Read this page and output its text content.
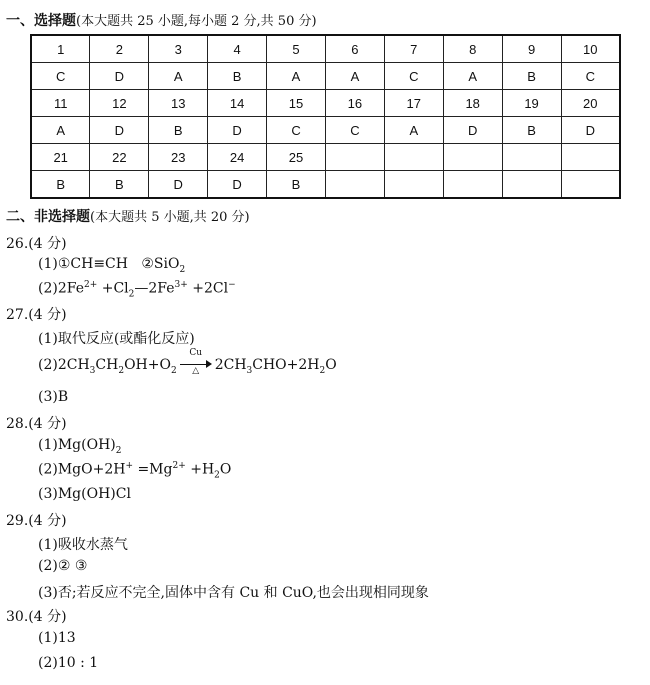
一、选择题(本大题共 25 小题,每小题 2 分,共 50 分)
1	2	3	4	5	6	7	8	9	10
C	D	A	B	A	A	C	A	B	C
11	12	13	14	15	16	17	18	19	20
A	D	B	D	C	C	A	D	B	D
21	22	23	24	25					
B	B	D	D	B					
二、非选择题(本大题共 5 小题,共 20 分)
26.(4 分)
(1)①CH≡CH ②SiO$_2$
$(2)2Fe^{2+}$ $+Cl_2—2Fe^{3+} +2Cl^-$
27.(4 分)
(1)取代反应(或酯化反应)
$(2)2CH_3CH_2OH+O_2$
Cu
△	$2CH_3CHO+2H_2O$
(3)B
28.(4 分)
$(1)Mg(OH)_2$
$(2)MgO+2H^+ =Mg^{2+} +H_2O$
(3)Mg(OH)Cl
29.(4 分)
(1)吸收水蒸气
(2)② ③
(3)否;若反应不完全,固体中含有 Cu 和 CuO,也会出现相同现象
30.(4 分)
(1)13
(2)10 : 1
